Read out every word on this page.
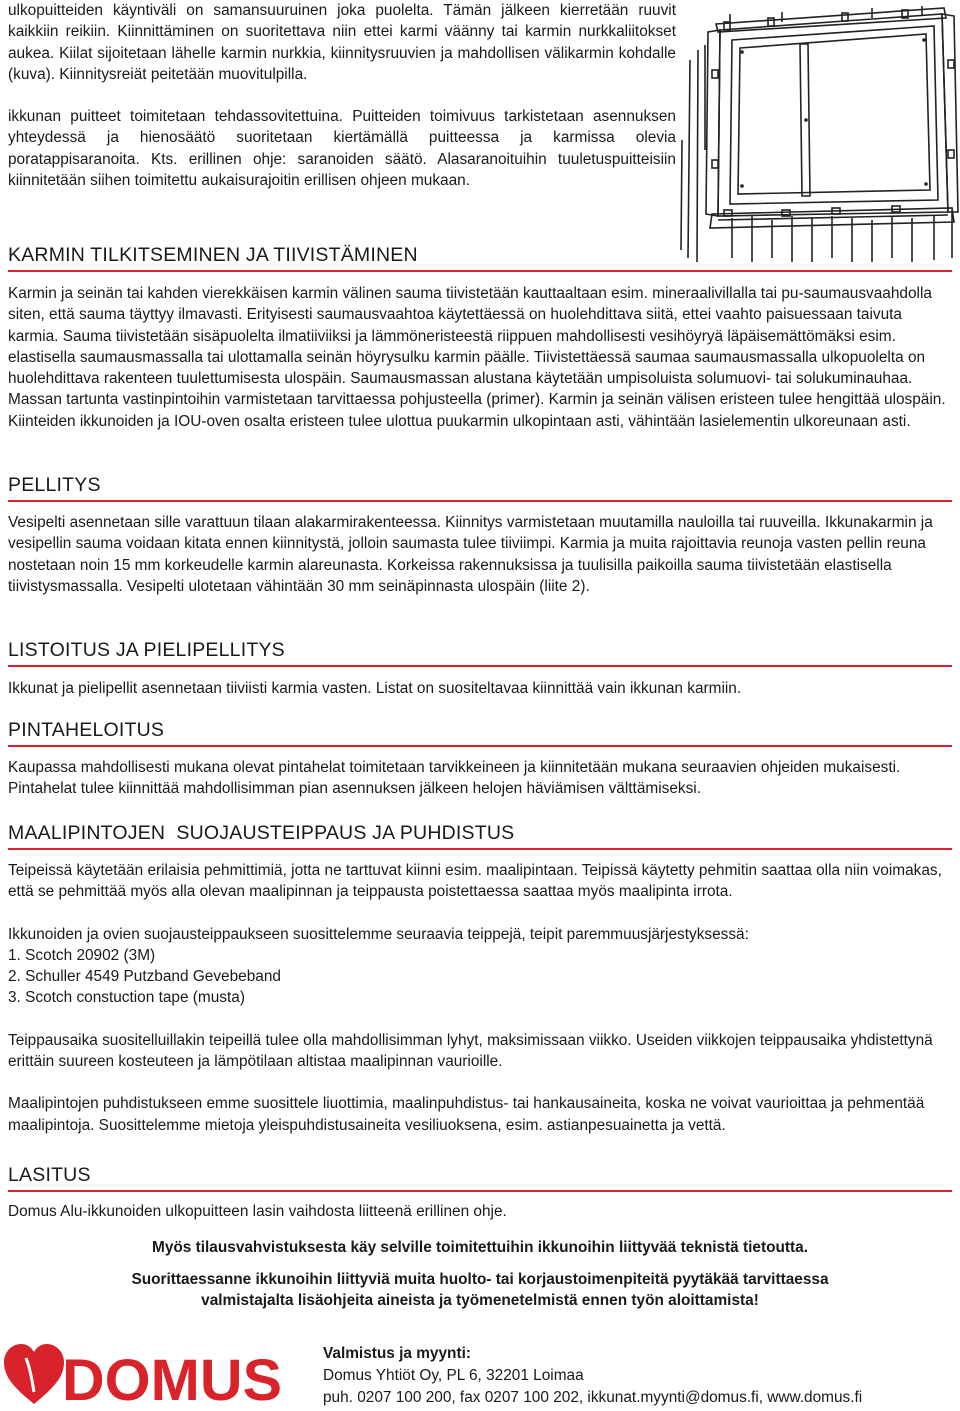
ulkopuitteiden käyntiväli on samansuuruinen joka puolelta. Tämän jälkeen kierretään ruuvit kaikkiin reikiin. Kiinnittäminen on suoritettava niin ettei karmi väänny tai karmin nurkkaliitokset aukea. Kiilat sijoitetaan lähelle karmin nurkkia, kiinnitysruuvien ja mahdollisen välikarmin kohdalle (kuva). Kiinnitysreiät peitetään muovitulpilla.

ikkunan puitteet toimitetaan tehdassovitettuina. Puitteiden toimivuus tarkistetaan asennuksen yhteydessä ja hienosäätö suoritetaan kiertämällä puitteessa ja karmissa olevia poratappisaranoita. Kts. erillinen ohje: saranoiden säätö. Alasaranoituihin tuuletuspuitteisiin kiinnitetään siihen toimitettu aukaisurajoitin erillisen ohjeen mukaan.

KARMIN TILKITSEMINEN JA TIIVISTÄMINEN

Karmin ja seinän tai kahden vierekkäisen karmin välinen sauma tiivistetään kauttaaltaan esim. mineraalivillalla tai pu-saumausvaahdolla siten, että sauma täyttyy ilmavasti. Erityisesti saumausvaahtoa käytettäessä on huolehdittava siitä, ettei vaahto paisuessaan taivuta karmia. Sauma tiivistetään sisäpuolelta ilmatiiviiksi ja lämmöneristeestä riippuen mahdollisesti vesihöyryä läpäisemättömäksi esim. elastisella saumausmassalla tai ulottamalla seinän höyrysulku karmin päälle. Tiivistettäessä saumaa saumausmassalla ulkopuolelta on huolehdittava rakenteen tuulettumisesta ulospäin. Saumausmassan alustana käytetään umpisoluista solumuovi- tai solukuminauhaa. Massan tartunta vastinpintoihin varmistetaan tarvittaessa pohjusteella (primer). Karmin ja seinän välisen eristeen tulee hengittää ulospäin. Kiinteiden ikkunoiden ja IOU-oven osalta eristeen tulee ulottua puukarmin ulkopintaan asti, vähintään lasielementin ulkoreunaan asti.

PELLITYS

Vesipelti asennetaan sille varattuun tilaan alakarmirakenteessa. Kiinnitys varmistetaan muutamilla nauloilla tai ruuveilla. Ikkunakarmin ja vesipellin sauma voidaan kitata ennen kiinnitystä, jolloin saumasta tulee tiiviimpi. Karmia ja muita rajoittavia reunoja vasten pellin reuna nostetaan noin 15 mm korkeudelle karmin alareunasta. Korkeissa rakennuksissa ja tuulisilla paikoilla sauma tiivistetään elastisella tiivistysmassalla. Vesipelti ulotetaan vähintään 30 mm seinäpinnasta ulospäin (liite 2).

LISTOITUS JA PIELIPELLITYS

Ikkunat ja pielipellit asennetaan tiiviisti karmia vasten. Listat on suositeltavaa kiinnittää vain ikkunan karmiin.

PINTAHELOITUS

Kaupassa mahdollisesti mukana olevat pintahelat toimitetaan tarvikkeineen ja kiinnitetään mukana seuraavien ohjeiden mukaisesti. Pintahelat tulee kiinnittää mahdollisimman pian asennuksen jälkeen helojen häviämisen välttämiseksi.

MAALIPINTOJEN  SUOJAUSTEIPPAUS JA PUHDISTUS

Teipeissä käytetään erilaisia pehmittimiä, jotta ne tarttuvat kiinni esim. maalipintaan. Teipissä käytetty pehmitin saattaa olla niin voimakas, että se pehmittää myös alla olevan maalipinnan ja teippausta poistettaessa saattaa myös maalipinta irrota.

Ikkunoiden ja ovien suojausteippaukseen suosittelemme seuraavia teippejä, teipit paremmuusjärjestyksessä:

1. Scotch 20902 (3M)
2. Schuller 4549 Putzband Gevebeband
3. Scotch constuction tape (musta)

Teippausaika suositelluillakin teipeillä tulee olla mahdollisimman lyhyt, maksimissaan viikko. Useiden viikkojen teippausaika yhdistettynä erittäin suureen kosteuteen ja lämpötilaan altistaa maalipinnan vaurioille.

Maalipintojen puhdistukseen emme suosittele liuottimia, maalinpuhdistus- tai hankausaineita, koska ne voivat vaurioittaa ja pehmentää maalipintoja. Suosittelemme mietoja yleispuhdistusaineita vesiliuoksena, esim. astianpesuainetta ja vettä.

LASITUS

Domus Alu-ikkunoiden ulkopuitteen lasin vaihdosta liitteenä erillinen ohje.

Myös tilausvahvistuksesta käy selville toimitettuihin ikkunoihin liittyvää teknistä tietoutta.

Suorittaessanne ikkunoihin liittyviä muita huolto- tai korjaustoimenpiteitä pyytäkää tarvittaessa
valmistajalta lisäohjeita aineista ja työmenetelmistä ennen työn aloittamista!
DOMUS	Valmistus ja myynti:
Domus Yhtiöt Oy, PL 6, 32201 Loimaa
puh. 0207 100 200, fax 0207 100 202, ikkunat.myynti@domus.fi, www.domus.fi
